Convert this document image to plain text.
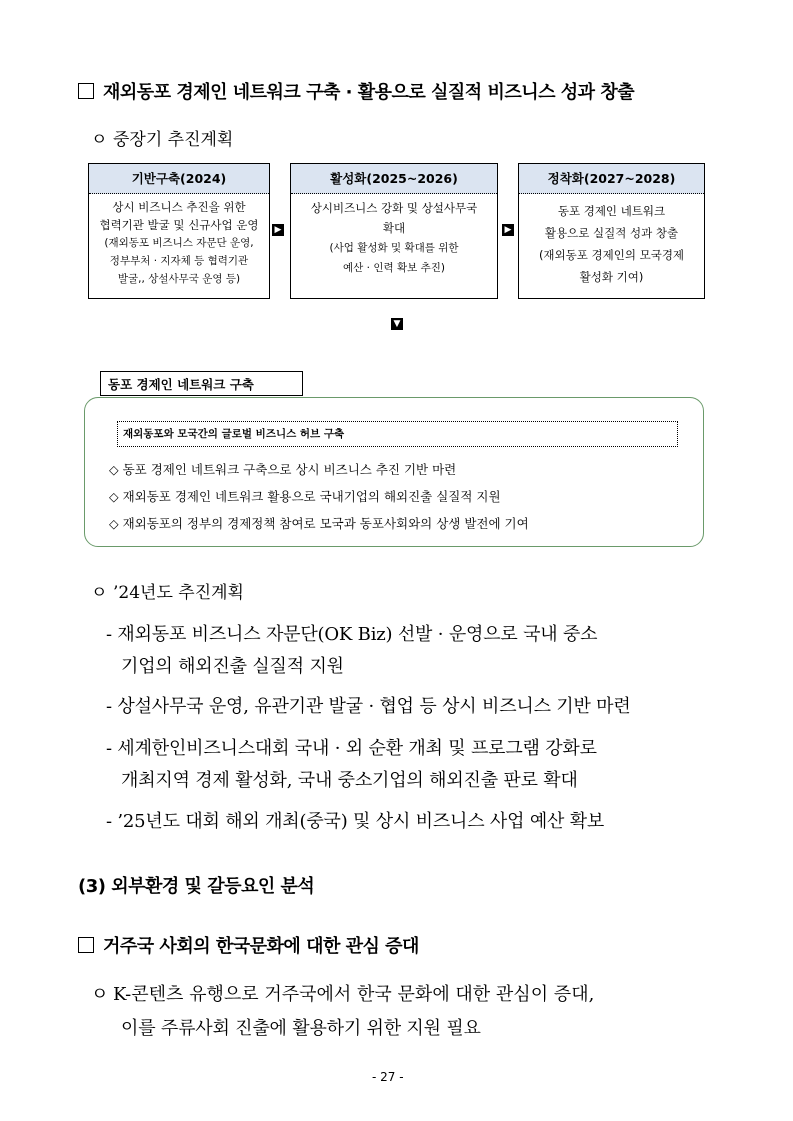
재외동포 경제인 네트워크 구축 · 활용으로 실질적 비즈니스 성과 창출
ㅇ 중장기 추진계획
기반구축(2024)
상시 비즈니스 추진을 위한
협력기관 발굴 및 신규사업 운영
(재외동포 비즈니스 자문단 운영,
정부부처 · 지자체 등 협력기관
발굴,, 상설사무국 운영 등)
▶
활성화(2025~2026)
상시비즈니스 강화 및 상설사무국
확대
(사업 활성화 및 확대를 위한
예산 · 인력 확보 추진)
▶
정착화(2027~2028)
동포 경제인 네트워크
활용으로 실질적 성과 창출
(재외동포 경제인의 모국경제
활성화 기여)
▼
동포 경제인 네트워크 구축
재외동포와 모국간의 글로벌 비즈니스 허브 구축
◇ 동포 경제인 네트워크 구축으로 상시 비즈니스 추진 기반 마련
◇ 재외동포 경제인 네트워크 활용으로 국내기업의 해외진출 실질적 지원
◇ 재외동포의 정부의 경제정책 참여로 모국과 동포사회와의 상생 발전에 기여
ㅇ ’24년도 추진계획
- 재외동포 비즈니스 자문단(OK Biz) 선발 · 운영으로 국내 중소
기업의 해외진출 실질적 지원
- 상설사무국 운영, 유관기관 발굴 · 협업 등 상시 비즈니스 기반 마련
- 세계한인비즈니스대회 국내 · 외 순환 개최 및 프로그램 강화로
개최지역 경제 활성화, 국내 중소기업의 해외진출 판로 확대
- ’25년도 대회 해외 개최(중국) 및 상시 비즈니스 사업 예산 확보
(3) 외부환경 및 갈등요인 분석
거주국 사회의 한국문화에 대한 관심 증대
ㅇ K-콘텐츠 유행으로 거주국에서 한국 문화에 대한 관심이 증대,
이를 주류사회 진출에 활용하기 위한 지원 필요
- 27 -
